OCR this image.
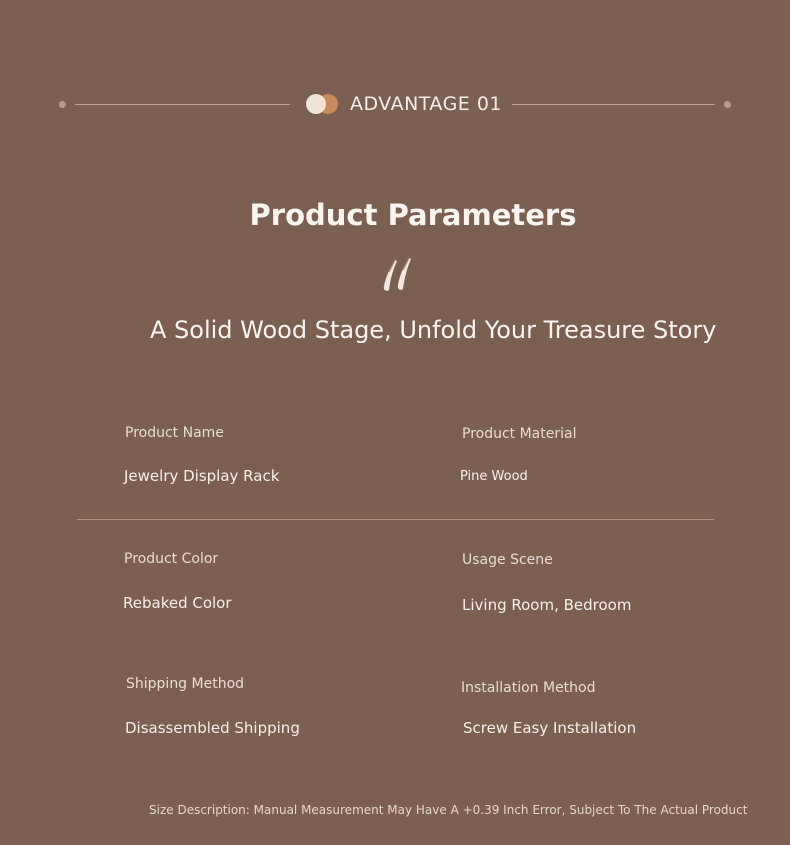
ADVANTAGE 01
Product Parameters
A Solid Wood Stage, Unfold Your Treasure Story
Product Name
Jewelry Display Rack
Product Material
Pine Wood
Product Color
Rebaked Color
Usage Scene
Living Room, Bedroom
Shipping Method
Disassembled Shipping
Installation Method
Screw Easy Installation
Size Description: Manual Measurement May Have A +0.39 Inch Error, Subject To The Actual Product
